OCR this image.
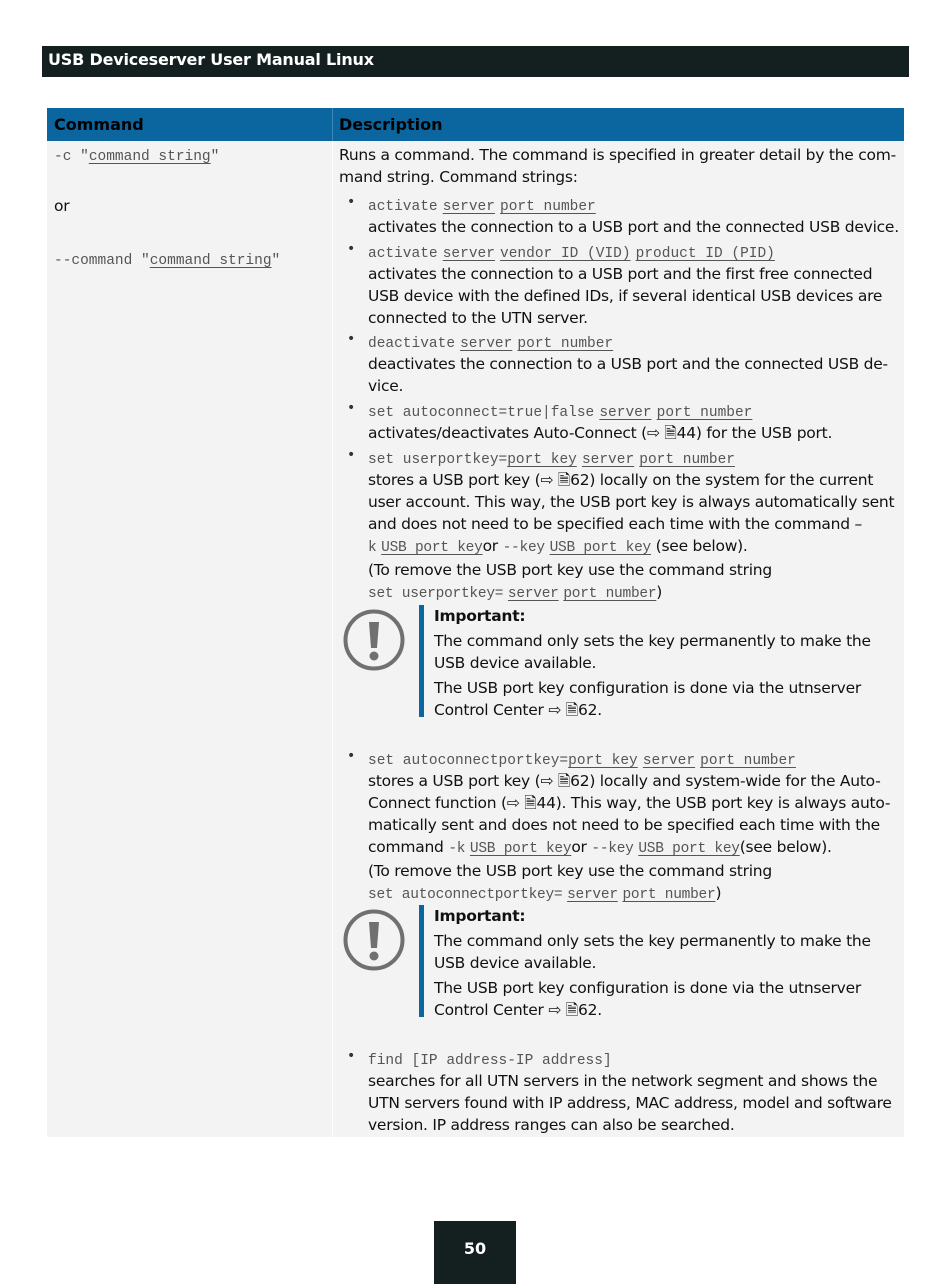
USB Deviceserver User Manual Linux
Command	Description
-c "command string"
or
--command "command string"
Runs a command. The command is specified in greater detail by the com-
mand string. Command strings:
•
activate server port number
activates the connection to a USB port and the connected USB device.
•
activate server vendor ID (VID) product ID (PID)
activates the connection to a USB port and the first free connected
USB device with the defined IDs, if several identical USB devices are
connected to the UTN server.
•
deactivate server port number
deactivates the connection to a USB port and the connected USB de-
vice.
•
set autoconnect=true|false server port number
activates/deactivates Auto-Connect (⇨ 🗎44) for the USB port.
•
set userportkey=port key server port number
stores a USB port key (⇨ 🗎62) locally on the system for the current
user account. This way, the USB port key is always automatically sent
and does not need to be specified each time with the command –
k USB port keyor --key USB port key (see below).
(To remove the USB port key use the command string
set userportkey= server port number)

Important:

The command only sets the key permanently to make the

USB device available.

The USB port key configuration is done via the utnserver

Control Center ⇨ 🗎62.

•
set autoconnectportkey=port key server port number
stores a USB port key (⇨ 🗎62) locally and system-wide for the Auto-
Connect function (⇨ 🗎44). This way, the USB port key is always auto-
matically sent and does not need to be specified each time with the
command -k USB port keyor --key USB port key(see below).
(To remove the USB port key use the command string
set autoconnectportkey= server port number)

Important:

The command only sets the key permanently to make the

USB device available.

The USB port key configuration is done via the utnserver

Control Center ⇨ 🗎62.

•
find [IP address-IP address]
searches for all UTN servers in the network segment and shows the
UTN servers found with IP address, MAC address, model and software
version. IP address ranges can also be searched.
50
